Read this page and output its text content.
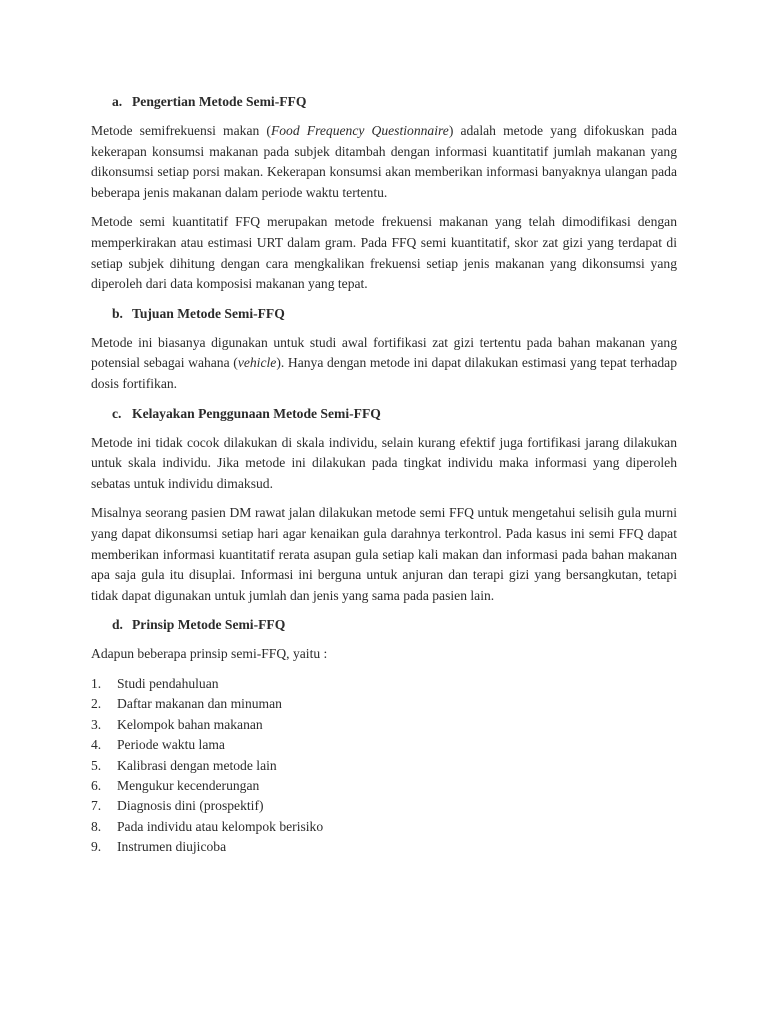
a. Pengertian Metode Semi-FFQ

Metode semifrekuensi makan (Food Frequency Questionnaire) adalah metode yang difokuskan pada kekerapan konsumsi makanan pada subjek ditambah dengan informasi kuantitatif jumlah makanan yang dikonsumsi setiap porsi makan. Kekerapan konsumsi akan memberikan informasi banyaknya ulangan pada beberapa jenis makanan dalam periode waktu tertentu.

Metode semi kuantitatif FFQ merupakan metode frekuensi makanan yang telah dimodifikasi dengan memperkirakan atau estimasi URT dalam gram. Pada FFQ semi kuantitatif, skor zat gizi yang terdapat di setiap subjek dihitung dengan cara mengkalikan frekuensi setiap jenis makanan yang dikonsumsi yang diperoleh dari data komposisi makanan yang tepat.

b. Tujuan Metode Semi-FFQ

Metode ini biasanya digunakan untuk studi awal fortifikasi zat gizi tertentu pada bahan makanan yang potensial sebagai wahana (vehicle). Hanya dengan metode ini dapat dilakukan estimasi yang tepat terhadap dosis fortifikan.

c. Kelayakan Penggunaan Metode Semi-FFQ

Metode ini tidak cocok dilakukan di skala individu, selain kurang efektif juga fortifikasi jarang dilakukan untuk skala individu. Jika metode ini dilakukan pada tingkat individu maka informasi yang diperoleh sebatas untuk individu dimaksud.

Misalnya seorang pasien DM rawat jalan dilakukan metode semi FFQ untuk mengetahui selisih gula murni yang dapat dikonsumsi setiap hari agar kenaikan gula darahnya terkontrol. Pada kasus ini semi FFQ dapat memberikan informasi kuantitatif rerata asupan gula setiap kali makan dan informasi pada bahan makanan apa saja gula itu disuplai. Informasi ini berguna untuk anjuran dan terapi gizi yang bersangkutan, tetapi tidak dapat digunakan untuk jumlah dan jenis yang sama pada pasien lain.

d. Prinsip Metode Semi-FFQ

Adapun beberapa prinsip semi-FFQ, yaitu :

1.	Studi pendahuluan
2.	Daftar makanan dan minuman
3.	Kelompok bahan makanan
4.	Periode waktu lama
5.	Kalibrasi dengan metode lain
6.	Mengukur kecenderungan
7.	Diagnosis dini (prospektif)
8.	Pada individu atau kelompok berisiko
9.	Instrumen diujicoba
